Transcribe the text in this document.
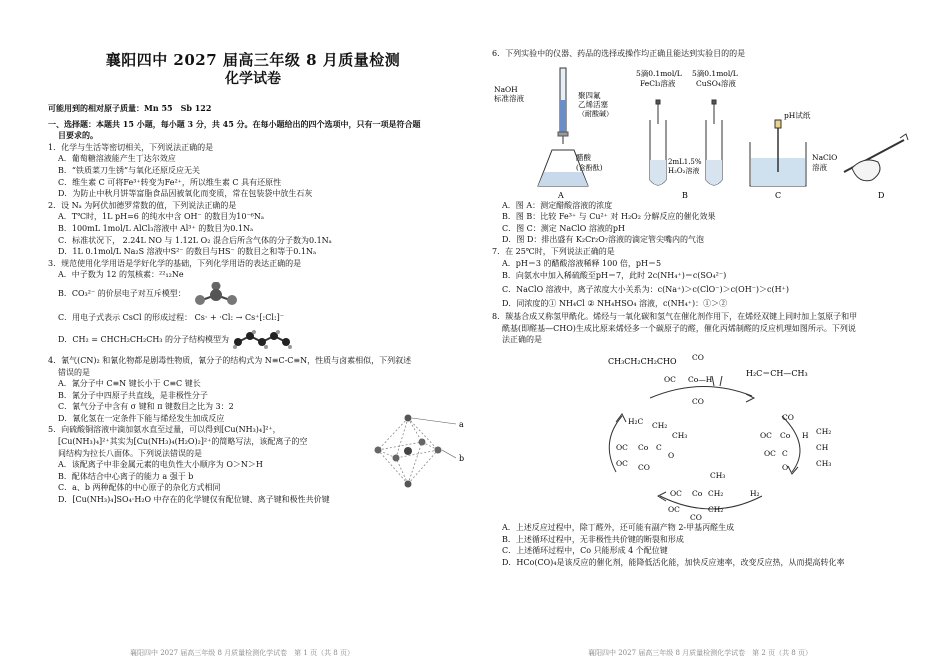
襄阳四中 2027 届高三年级 8 月质量检测
化学试卷
可能用到的相对原子质量：Mn 55　Sb 122
一、选择题：本题共 15 小题，每小题 3 分，共 45 分。在每小题给出的四个选项中，只有一项是符合题
目要求的。
1．化学与生活等密切相关，下列说法正确的是
A．葡萄糖溶液能产生丁达尔效应
B．“铁质菜刀生锈”与氧化还原反应无关
C．维生素 C 可将Fe³⁺转变为Fe²⁺，所以维生素 C 具有还原性
D．为防止中秋月饼等富脂食品因被氧化而变质，常在包装袋中放生石灰
2．设 Nₐ 为阿伏加德罗常数的值，下列说法正确的是
A．T℃时，1L pH=6 的纯水中含 OH⁻ 的数目为10⁻⁶Nₐ
B．100mL 1mol/L AlCl₃溶液中 Al³⁺ 的数目为0.1Nₐ
C．标准状况下， 2.24L NO 与 1.12L O₂ 混合后所含气体的分子数为0.1Nₐ
D．1L 0.1mol/L Na₂S 溶液中S²⁻ 的数目与HS⁻ 的数目之和等于0.1Nₐ
3．规范使用化学用语是学好化学的基础，下列化学用语的表达正确的是
A．中子数为 12 的氖核素：²²₁₂Ne
B．CO₃²⁻ 的价层电子对互斥模型：
C．用电子式表示 CsCl 的形成过程： Cs· + ·Cl: → Cs⁺[:Cl:]⁻
D．CH₂ = CHCH₂CH₂CH₃ 的分子结构模型为
4．氰气(CN)₂ 和氰化物都是剧毒性物质，氰分子的结构式为 N≡C-C≡N，性质与卤素相似，下列叙述
错误的是
A．氰分子中 C≡N 键长小于 C≡C 键长
B．氰分子中四原子共直线，是非极性分子
C．氰气分子中含有 σ 键和 π 键数目之比为 3：2
D．氰化氢在一定条件下能与烯烃发生加成反应
5．向硫酸铜溶液中滴加氨水直至过量，可以得到[Cu(NH₃)₄]²⁺，
[Cu(NH₃)₄]²⁺其实为[Cu(NH₃)₄(H₂O)₂]²⁺的简略写法，该配离子的空
间结构为拉长八面体。下列说法错误的是
A．该配离子中非金属元素的电负性大小顺序为 O＞N＞H
B．配体结合中心离子的能力 a 强于 b
C．a、b 两种配体的中心原子的杂化方式相同
D．[Cu(NH₃)₄]SO₄·H₂O 中存在的化学键仅有配位键、离子键和极性共价键
a
b
襄阳四中 2027 届高三年级 8 月质量检测化学试卷　第 1 页（共 8 页）
6．下列实验中的仪器、药品的选择或操作均正确且能达到实验目的的是
NaOH
标准溶液	聚四氟
乙烯活塞
（耐酸碱）
醋酸
(含酚酞)
A
5滴0.1mol/L
FeCl₃溶液
5滴0.1mol/L
CuSO₄溶液
2mL1.5%
H₂O₂溶液
B
pH试纸
NaClO
溶液
C	D
A．图 A：测定醋酸溶液的浓度
B．图 B：比较 Fe³⁺ 与 Cu²⁺ 对 H₂O₂ 分解反应的催化效果
C．图 C：测定 NaClO 溶液的pH
D．图 D：排出盛有 K₂Cr₂O₇溶液的滴定管尖嘴内的气泡
7．在 25℃时，下列说法正确的是
A．pH＝3 的醋酸溶液稀释 100 倍，pH＝5
B．向氨水中加入稀硫酸至pH＝7，此时 2c(NH₄⁺)＝c(SO₄²⁻)
C．NaClO 溶液中，离子浓度大小关系为：c(Na⁺)＞c(ClO⁻)＞c(OH⁻)＞c(H⁺)
D．同浓度的① NH₄Cl ② NH₄HSO₄ 溶液，c(NH₄⁺)：①＞②
8．羰基合成又称氢甲酰化。烯烃与一氧化碳和氢气在催化剂作用下，在烯烃双键上同时加上氢原子和甲
酰基(即醛基—CHO)生成比原来烯烃多一个碳原子的醛，催化丙烯制醛的反应机理如图所示。下列说
法正确的是
CH₃CH₂CH₂CHO
H₂C＝CH—CH₃
CO
OC Co—H
CO
CO
OC Co H CH₂
CH
CH₃
OC C
O
CH₃
OC Co CH₂
OC
CO
CH₂
H₂C CH₂
CH₃
OC Co C
O
OC CO
H₂
A．上述反应过程中，除丁醛外，还可能有副产物 2-甲基丙醛生成
B．上述循环过程中，无非极性共价键的断裂和形成
C．上述循环过程中，Co 只能形成 4 个配位键
D．HCo(CO)₄是该反应的催化剂，能降低活化能，加快反应速率，改变反应热，从而提高转化率
襄阳四中 2027 届高三年级 8 月质量检测化学试卷　第 2 页（共 8 页）
